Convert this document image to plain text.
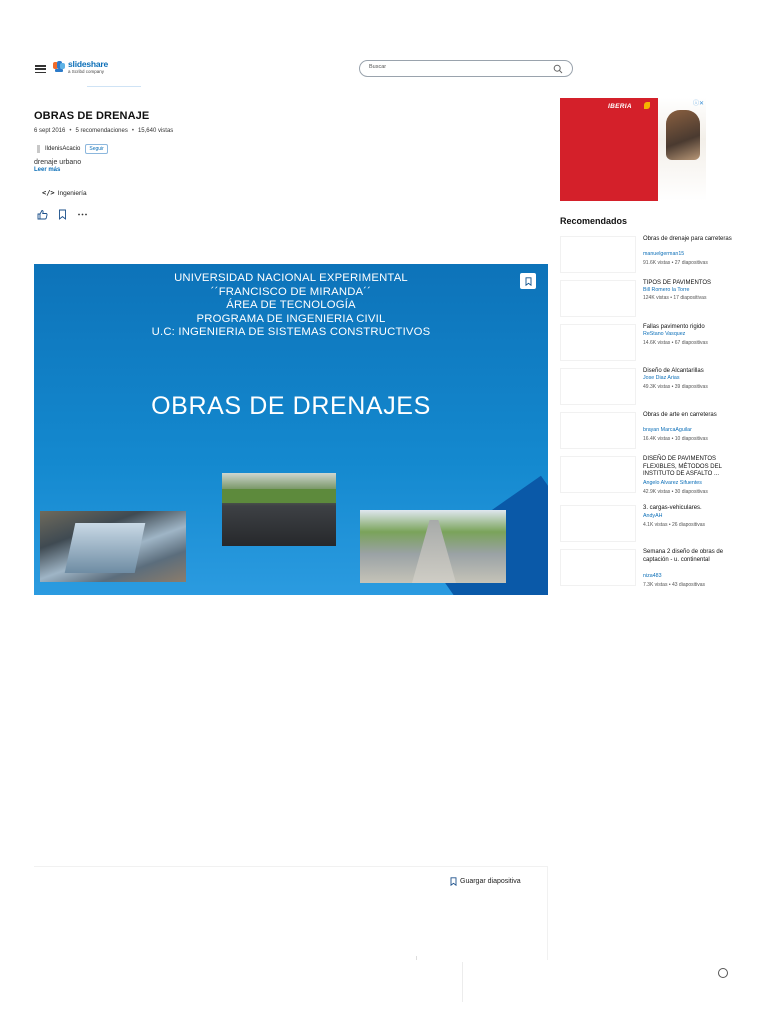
slideshare
a Scribd company
Buscar
OBRAS DE DRENAJE
6 sept 2016 • 5 recomendaciones • 15,640 vistas
IldenisAcacio	Seguir
drenaje urbano
Leer más
</> Ingeniería
UNIVERSIDAD NACIONAL EXPERIMENTAL
´´FRANCISCO DE MIRANDA´´
ÁREA DE TECNOLOGÍA
PROGRAMA DE INGENIERIA CIVIL
U.C: INGENIERIA DE SISTEMAS CONSTRUCTIVOS
OBRAS DE DRENAJES
Guargar diapositiva
IBERIA	ⓘ✕
Recomendados
Obras de drenaje para carreteras
manuelgerman15
91.6K vistas • 27 diapositivas
TIPOS DE PAVIMENTOS
Bill Romero la Torre
124K vistas • 17 diapositivas
Fallas pavimento rigido
ReStano Vasquez
14.6K vistas • 67 diapositivas
Diseño de Alcantarillas
Jose Diaz Arias
49.3K vistas • 39 diapositivas
Obras de arte en carreteras
brayan MarcaAguilar
16.4K vistas • 10 diapositivas
DISEÑO DE PAVIMENTOS FLEXIBLES, MÉTODOS DEL INSTITUTO DE ASFALTO ...
Angelo Alvarez Sifuentes
42.9K vistas • 30 diapositivas
3. cargas-vehiculares.
AndyAH
4.1K vistas • 26 diapositivas
Semana 2 diseño de obras de captación - u. continental
niza483
7.3K vistas • 43 diapositivas
